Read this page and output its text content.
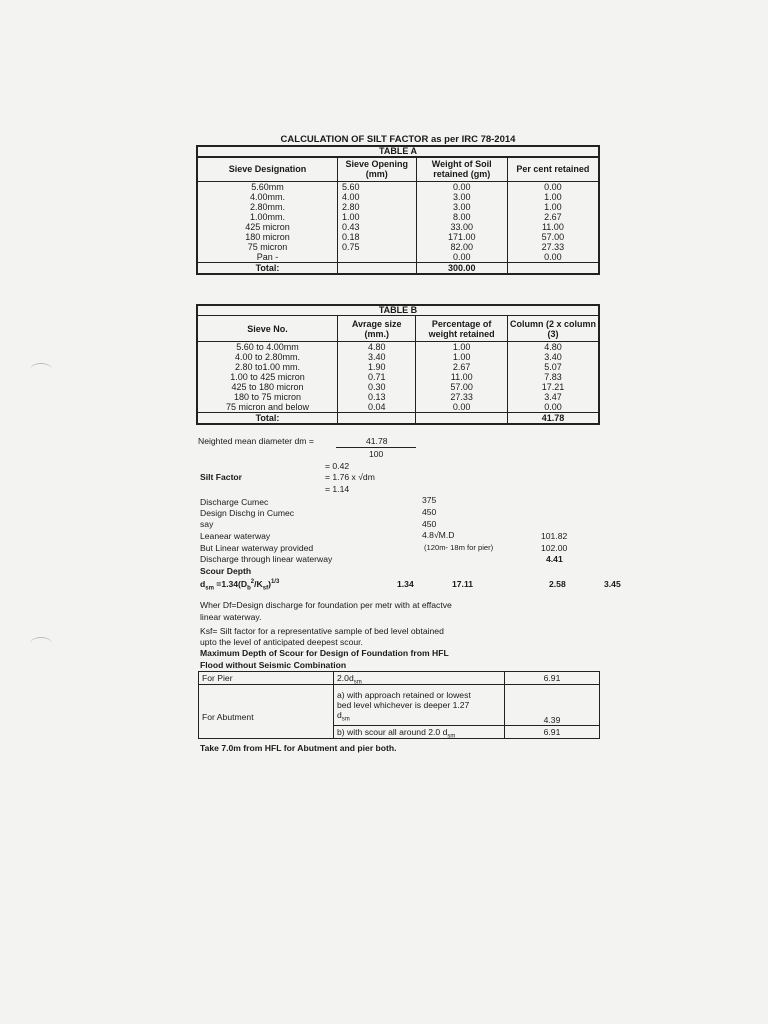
CALCULATION OF SILT FACTOR as per IRC 78-2014
TABLE A			
Sieve Designation	Sieve Opening (mm)	Weight of Soil retained (gm)	Per cent retained
5.60mm	5.60	0.00	0.00
4.00mm.	4.00	3.00	1.00
2.80mm.	2.80	3.00	1.00
1.00mm.	1.00	8.00	2.67
425 micron	0.43	33.00	11.00
180 micron	0.18	171.00	57.00
75 micron	0.75	82.00	27.33
Pan -		0.00	0.00
Total:		300.00	
TABLE B			
Sieve No.	Avrage size (mm.)	Percentage of weight retained	Column (2 x column (3)
5.60 to 4.00mm	4.80	1.00	4.80
4.00 to 2.80mm.	3.40	1.00	3.40
2.80 to1.00 mm.	1.90	2.67	5.07
1.00 to 425 micron	0.71	11.00	7.83
425 to 180 micron	0.30	57.00	17.21
180 to 75 micron	0.13	27.33	3.47
75 micron and below	0.04	0.00	0.00
Total:			41.78
Neighted mean diameter dm =	41.78
100
= 0.42
Silt Factor	= 1.76 x √dm
= 1.14
Discharge Cumec	375
Design Dischg in Cumec	450
say	450
Leanear waterway	4.8√M.D	101.82
But Linear waterway provided	(120m- 18m for pier)	102.00
Discharge through linear waterway	4.41
Scour Depth
$d_{sm} =1.34(D_b^2/K_{sf})^{1/3}$	1.34	17.11	2.58	3.45
Wher Df=Design discharge for foundation per metr with at effactve
linear waterway.
Ksf= Silt factor for a representative sample of bed level obtained
upto the level of anticipated deepest scour.
Maximum Depth of Scour for Design of Foundation from HFL
Flood without Seismic Combination
For Pier	$2.0d_{sm}$	6.91
For Abutment	a) with approach retained or lowest
bed level whichever is deeper 1.27
$d_{sm}$	4.39
	b) with scour all around 2.0 $d_{sm}$	6.91
Take 7.0m from HFL for Abutment and pier both.
